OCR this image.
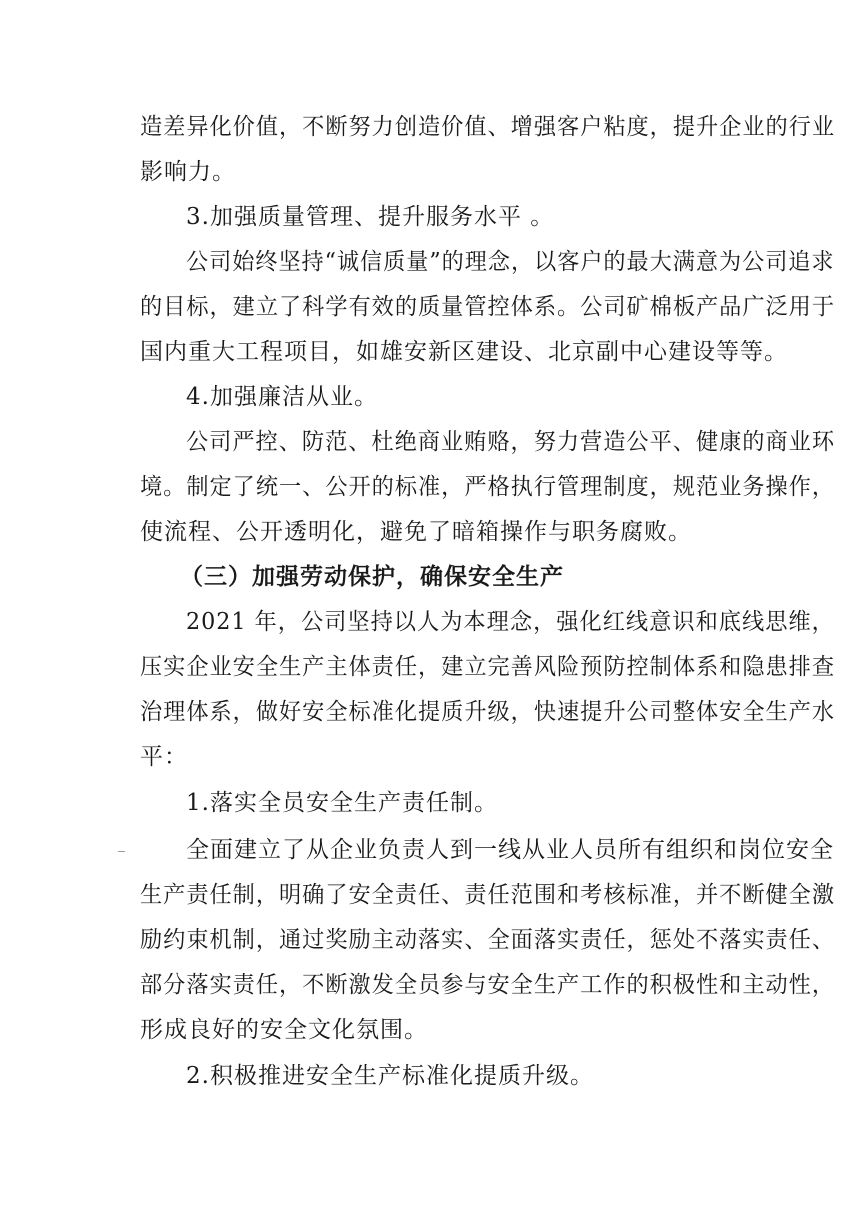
造差异化价值，不断努力创造价值、增强客户粘度，提升企业的行业
影响力。
3.加强质量管理、提升服务水平 。
公司始终坚持“诚信质量”的理念，以客户的最大满意为公司追求
的目标，建立了科学有效的质量管控体系。公司矿棉板产品广泛用于
国内重大工程项目，如雄安新区建设、北京副中心建设等等。
4.加强廉洁从业。
公司严控、防范、杜绝商业贿赂，努力营造公平、健康的商业环
境。制定了统一、公开的标准，严格执行管理制度，规范业务操作，
使流程、公开透明化，避免了暗箱操作与职务腐败。
（三）加强劳动保护，确保安全生产
2021 年，公司坚持以人为本理念，强化红线意识和底线思维，
压实企业安全生产主体责任，建立完善风险预防控制体系和隐患排查
治理体系，做好安全标准化提质升级，快速提升公司整体安全生产水
平：
1.落实全员安全生产责任制。
全面建立了从企业负责人到一线从业人员所有组织和岗位安全
生产责任制，明确了安全责任、责任范围和考核标准，并不断健全激
励约束机制，通过奖励主动落实、全面落实责任，惩处不落实责任、
部分落实责任，不断激发全员参与安全生产工作的积极性和主动性，
形成良好的安全文化氛围。
2.积极推进安全生产标准化提质升级。
